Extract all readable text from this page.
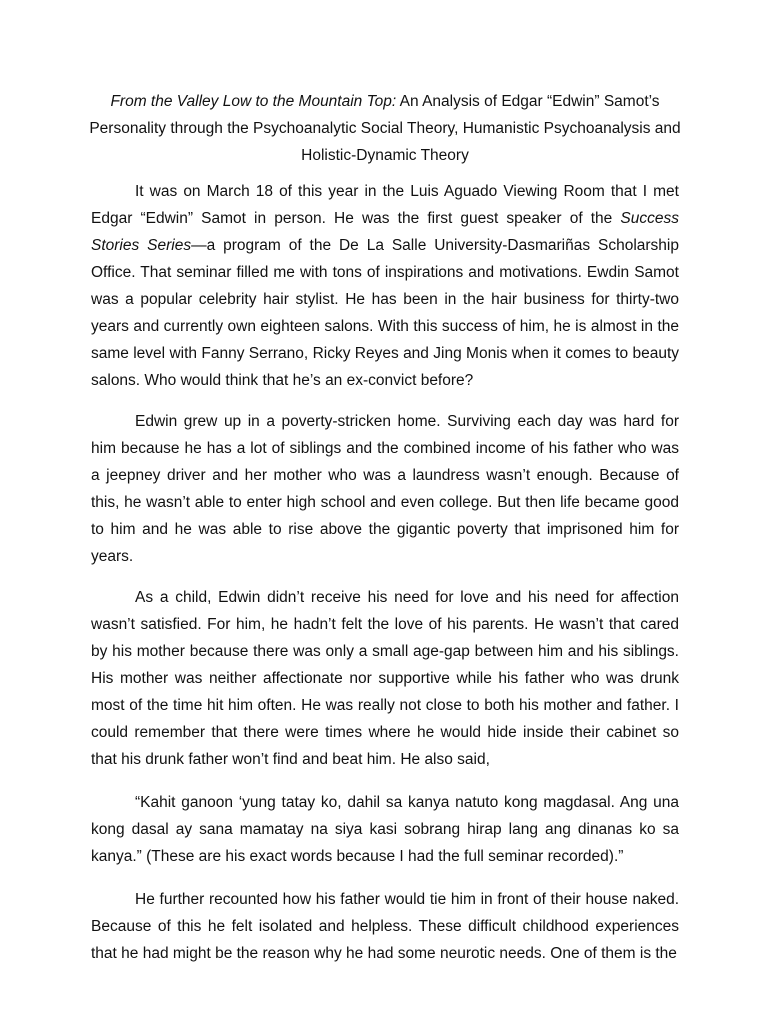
From the Valley Low to the Mountain Top: An Analysis of Edgar “Edwin” Samot’s Personality through the Psychoanalytic Social Theory, Humanistic Psychoanalysis and Holistic-Dynamic Theory

It was on March 18 of this year in the Luis Aguado Viewing Room that I met Edgar “Edwin” Samot in person. He was the first guest speaker of the Success Stories Series—a program of the De La Salle University-Dasmariñas Scholarship Office. That seminar filled me with tons of inspirations and motivations. Ewdin Samot was a popular celebrity hair stylist. He has been in the hair business for thirty-two years and currently own eighteen salons. With this success of him, he is almost in the same level with Fanny Serrano, Ricky Reyes and Jing Monis when it comes to beauty salons. Who would think that he’s an ex-convict before?

Edwin grew up in a poverty-stricken home. Surviving each day was hard for him because he has a lot of siblings and the combined income of his father who was a jeepney driver and her mother who was a laundress wasn’t enough. Because of this, he wasn’t able to enter high school and even college. But then life became good to him and he was able to rise above the gigantic poverty that imprisoned him for years.

As a child, Edwin didn’t receive his need for love and his need for affection wasn’t satisfied. For him, he hadn’t felt the love of his parents. He wasn’t that cared by his mother because there was only a small age-gap between him and his siblings. His mother was neither affectionate nor supportive while his father who was drunk most of the time hit him often. He was really not close to both his mother and father. I could remember that there were times where he would hide inside their cabinet so that his drunk father won’t find and beat him. He also said,

“Kahit ganoon ‘yung tatay ko, dahil sa kanya natuto kong magdasal. Ang una kong dasal ay sana mamatay na siya kasi sobrang hirap lang ang dinanas ko sa kanya.” (These are his exact words because I had the full seminar recorded).”

He further recounted how his father would tie him in front of their house naked. Because of this he felt isolated and helpless. These difficult childhood experiences that he had might be the reason why he had some neurotic needs. One of them is the
